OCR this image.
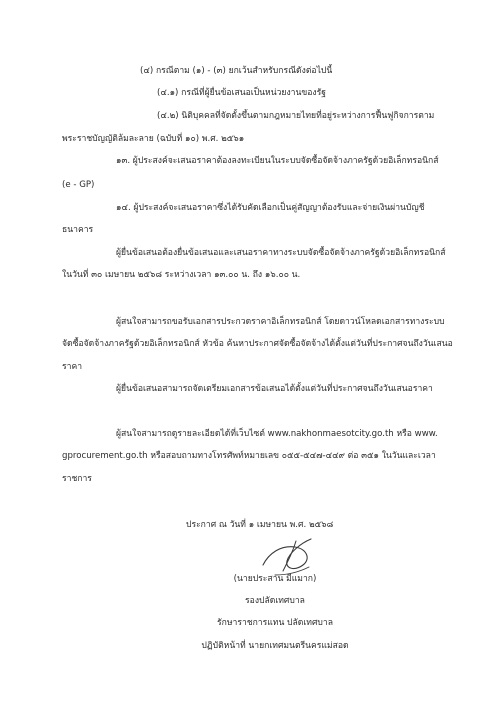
(๔) กรณีตาม (๑) - (๓) ยกเว้นสำหรับกรณีดังต่อไปนี้
(๔.๑) กรณีที่ผู้ยื่นข้อเสนอเป็นหน่วยงานของรัฐ
(๔.๒) นิติบุคคลที่จัดตั้งขึ้นตามกฎหมายไทยที่อยู่ระหว่างการฟื้นฟูกิจการตาม
พระราชบัญญัติล้มละลาย (ฉบับที่ ๑๐) พ.ศ. ๒๕๖๑
๑๓. ผู้ประสงค์จะเสนอราคาต้องลงทะเบียนในระบบจัดซื้อจัดจ้างภาครัฐด้วยอิเล็กทรอนิกส์
(e - GP)
๑๔. ผู้ประสงค์จะเสนอราคาซึ่งได้รับคัดเลือกเป็นคู่สัญญาต้องรับและจ่ายเงินผ่านบัญชี
ธนาคาร
ผู้ยื่นข้อเสนอต้องยื่นข้อเสนอและเสนอราคาทางระบบจัดซื้อจัดจ้างภาครัฐด้วยอิเล็กทรอนิกส์
ในวันที่ ๓๐ เมษายน ๒๕๖๘ ระหว่างเวลา ๑๓.๐๐ น. ถึง ๑๖.๐๐ น.
ผู้สนใจสามารถขอรับเอกสารประกวดราคาอิเล็กทรอนิกส์ โดยดาวน์โหลดเอกสารทางระบบ
จัดซื้อจัดจ้างภาครัฐด้วยอิเล็กทรอนิกส์ หัวข้อ ค้นหาประกาศจัดซื้อจัดจ้างได้ตั้งแต่วันที่ประกาศจนถึงวันเสนอ
ราคา
ผู้ยื่นข้อเสนอสามารถจัดเตรียมเอกสารข้อเสนอได้ตั้งแต่วันที่ประกาศจนถึงวันเสนอราคา
ผู้สนใจสามารถดูรายละเอียดได้ที่เว็บไซต์ www.nakhonmaesotcity.go.th หรือ www.
gprocurement.go.th หรือสอบถามทางโทรศัพท์หมายเลข ๐๕๕-๕๔๗-๔๔๙ ต่อ ๓๕๑ ในวันและเวลา
ราชการ
ประกาศ ณ วันที่ ๑ เมษายน พ.ศ. ๒๕๖๘
(นายประสาน มีแมาก)
รองปลัดเทศบาล
รักษาราชการแทน ปลัดเทศบาล
ปฏิบัติหน้าที่ นายกเทศมนตรีนครแม่สอด
